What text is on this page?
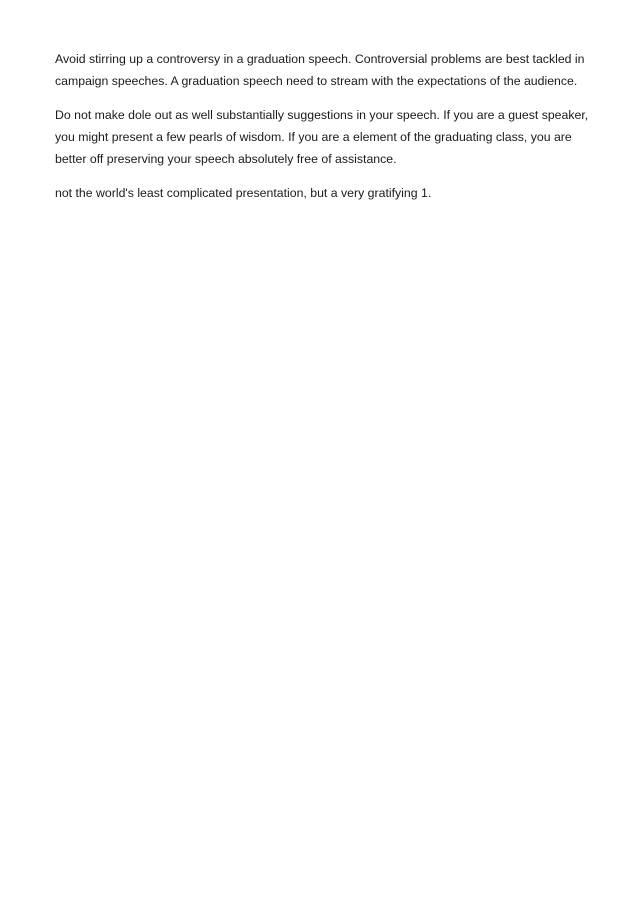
Avoid stirring up a controversy in a graduation speech. Controversial problems are best tackled in campaign speeches. A graduation speech need to stream with the expectations of the audience.

Do not make dole out as well substantially suggestions in your speech. If you are a guest speaker, you might present a few pearls of wisdom. If you are a element of the graduating class, you are better off preserving your speech absolutely free of assistance.

not the world's least complicated presentation, but a very gratifying 1.
